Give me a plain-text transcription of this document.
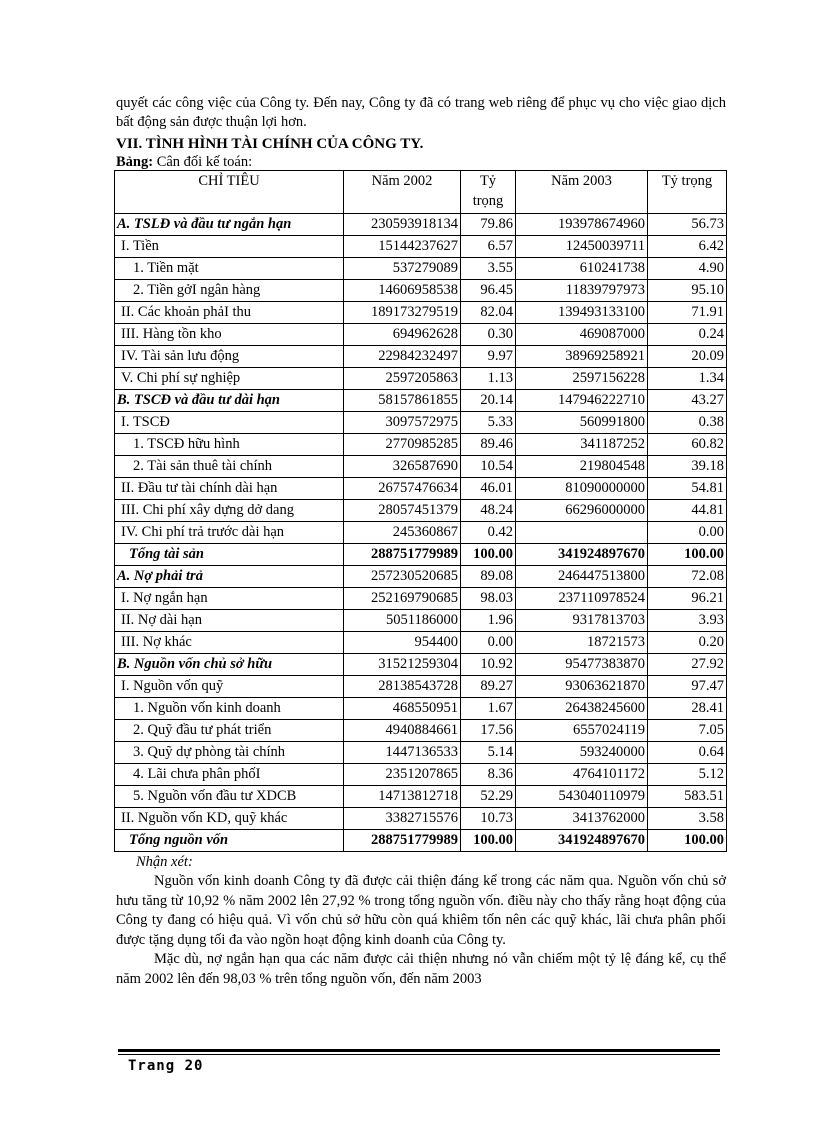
quyết các công việc của Công ty. Đến nay, Công ty đã có trang web riêng để phục vụ cho việc giao dịch bất động sản được thuận lợi hơn.

VII. TÌNH HÌNH TÀI CHÍNH CỦA CÔNG TY.

Bảng: Cân đối kế toán:

CHỈ TIÊU	Năm 2002	Tỷ trọng	Năm 2003	Tỷ trọng
A. TSLĐ và đầu tư ngắn hạn	230593918134	79.86	193978674960	56.73
I. Tiền	15144237627	6.57	12450039711	6.42
1. Tiền mặt	537279089	3.55	610241738	4.90
2. Tiền gởI ngân hàng	14606958538	96.45	11839797973	95.10
II. Các khoản phảI thu	189173279519	82.04	139493133100	71.91
III. Hàng tồn kho	694962628	0.30	469087000	0.24
IV. Tài sản lưu động	22984232497	9.97	38969258921	20.09
V. Chi phí sự nghiệp	2597205863	1.13	2597156228	1.34
B. TSCĐ và đầu tư dài hạn	58157861855	20.14	147946222710	43.27
I. TSCĐ	3097572975	5.33	560991800	0.38
1. TSCĐ hữu hình	2770985285	89.46	341187252	60.82
2. Tài sản thuê tài chính	326587690	10.54	219804548	39.18
II. Đầu tư tài chính dài hạn	26757476634	46.01	81090000000	54.81
III. Chi phí xây dựng dở dang	28057451379	48.24	66296000000	44.81
IV. Chi phí trả trước dài hạn	245360867	0.42		0.00
Tổng tài sản	288751779989	100.00	341924897670	100.00
A. Nợ phải trả	257230520685	89.08	246447513800	72.08
I. Nợ ngắn hạn	252169790685	98.03	237110978524	96.21
II. Nợ dài hạn	5051186000	1.96	9317813703	3.93
III. Nợ khác	954400	0.00	18721573	0.20
B. Nguồn vốn chủ sở hữu	31521259304	10.92	95477383870	27.92
I. Nguồn vốn quỹ	28138543728	89.27	93063621870	97.47
1. Nguồn vốn kinh doanh	468550951	1.67	26438245600	28.41
2. Quỹ đầu tư phát triển	4940884661	17.56	6557024119	7.05
3. Quỹ dự phòng tài chính	1447136533	5.14	593240000	0.64
4. Lãi chưa phân phốI	2351207865	8.36	4764101172	5.12
5. Nguồn vốn đầu tư XDCB	14713812718	52.29	543040110979	583.51
II. Nguồn vốn KD, quỹ khác	3382715576	10.73	3413762000	3.58
Tổng nguồn vốn	288751779989	100.00	341924897670	100.00

Nhận xét:

Nguồn vốn kinh doanh Công ty đã được cải thiện đáng kể trong các năm qua. Nguồn vốn chủ sở hưu tăng từ 10,92 % năm 2002 lên 27,92 % trong tổng nguồn vốn. điều này cho thấy rằng hoạt động của Công ty đang có hiệu quả. Vì vốn chủ sở hữu còn quá khiêm tốn nên các quỹ khác, lãi chưa phân phối được tặng dụng tối đa vào ngồn hoạt động kinh doanh của Công ty.

Mặc dù, nợ ngắn hạn qua các năm được cải thiện nhưng nó vẫn chiếm một tỷ lệ đáng kể, cụ thể năm 2002 lên đến 98,03 % trên tổng nguồn vốn, đến năm 2003

Trang 20
